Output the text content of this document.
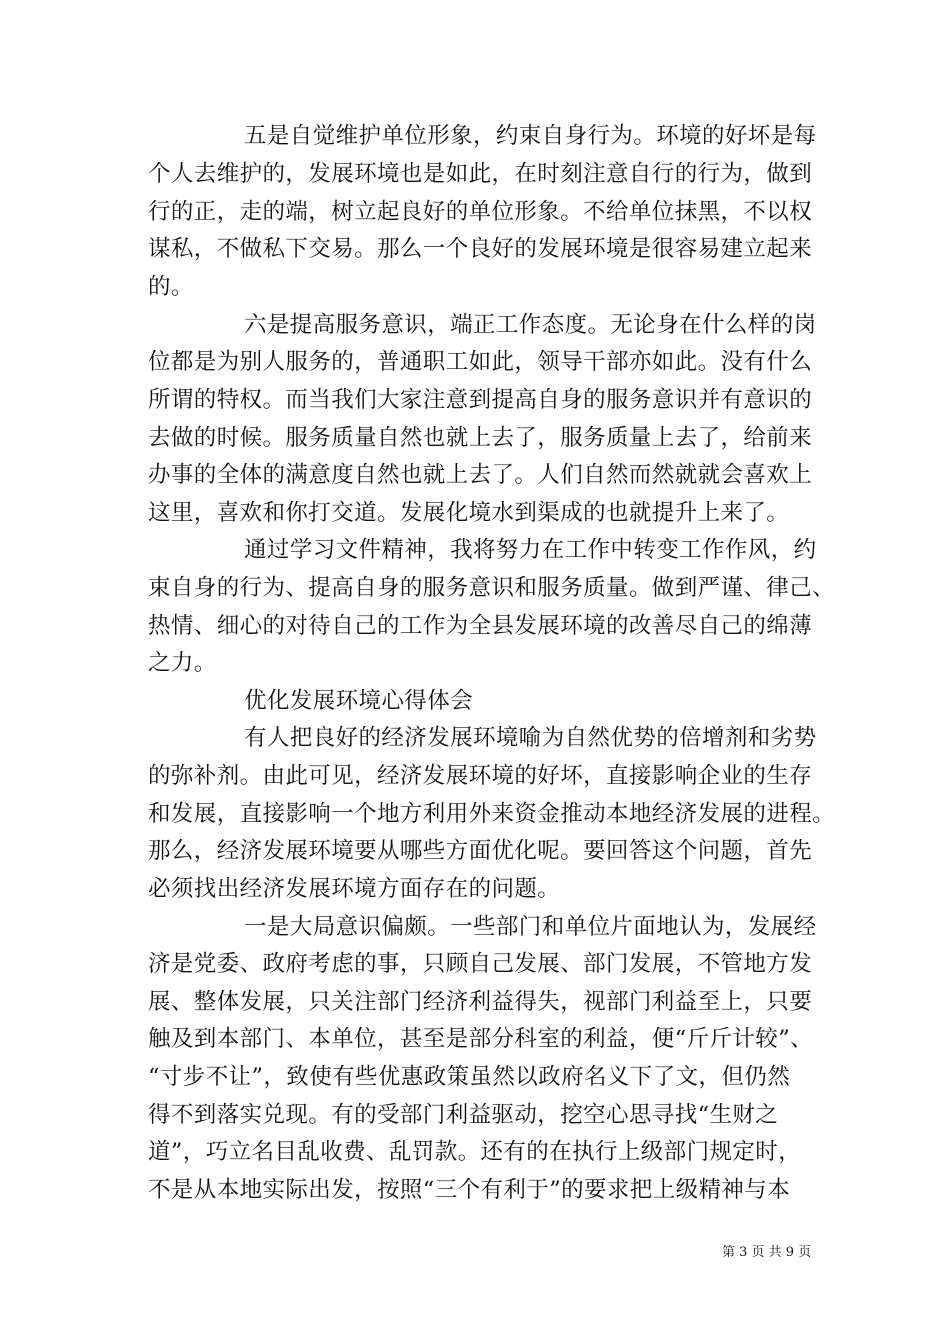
五是自觉维护单位形象，约束自身行为。环境的好坏是每
个人去维护的，发展环境也是如此，在时刻注意自行的行为，做到
行的正，走的端，树立起良好的单位形象。不给单位抹黑，不以权
谋私，不做私下交易。那么一个良好的发展环境是很容易建立起来
的。
六是提高服务意识，端正工作态度。无论身在什么样的岗
位都是为别人服务的，普通职工如此，领导干部亦如此。没有什么
所谓的特权。而当我们大家注意到提高自身的服务意识并有意识的
去做的时候。服务质量自然也就上去了，服务质量上去了，给前来
办事的全体的满意度自然也就上去了。人们自然而然就就会喜欢上
这里，喜欢和你打交道。发展化境水到渠成的也就提升上来了。
通过学习文件精神，我将努力在工作中转变工作作风，约
束自身的行为、提高自身的服务意识和服务质量。做到严谨、律己、
热情、细心的对待自己的工作为全县发展环境的改善尽自己的绵薄
之力。
优化发展环境心得体会
有人把良好的经济发展环境喻为自然优势的倍增剂和劣势
的弥补剂。由此可见，经济发展环境的好坏，直接影响企业的生存
和发展，直接影响一个地方利用外来资金推动本地经济发展的进程。
那么，经济发展环境要从哪些方面优化呢。要回答这个问题，首先
必须找出经济发展环境方面存在的问题。
一是大局意识偏颇。一些部门和单位片面地认为，发展经
济是党委、政府考虑的事，只顾自己发展、部门发展，不管地方发
展、整体发展，只关注部门经济利益得失，视部门利益至上，只要
触及到本部门、本单位，甚至是部分科室的利益，便“斤斤计较”、
“寸步不让”，致使有些优惠政策虽然以政府名义下了文，但仍然
得不到落实兑现。有的受部门利益驱动，挖空心思寻找“生财之
道”，巧立名目乱收费、乱罚款。还有的在执行上级部门规定时，
不是从本地实际出发，按照“三个有利于”的要求把上级精神与本
第 3 页 共 9 页
